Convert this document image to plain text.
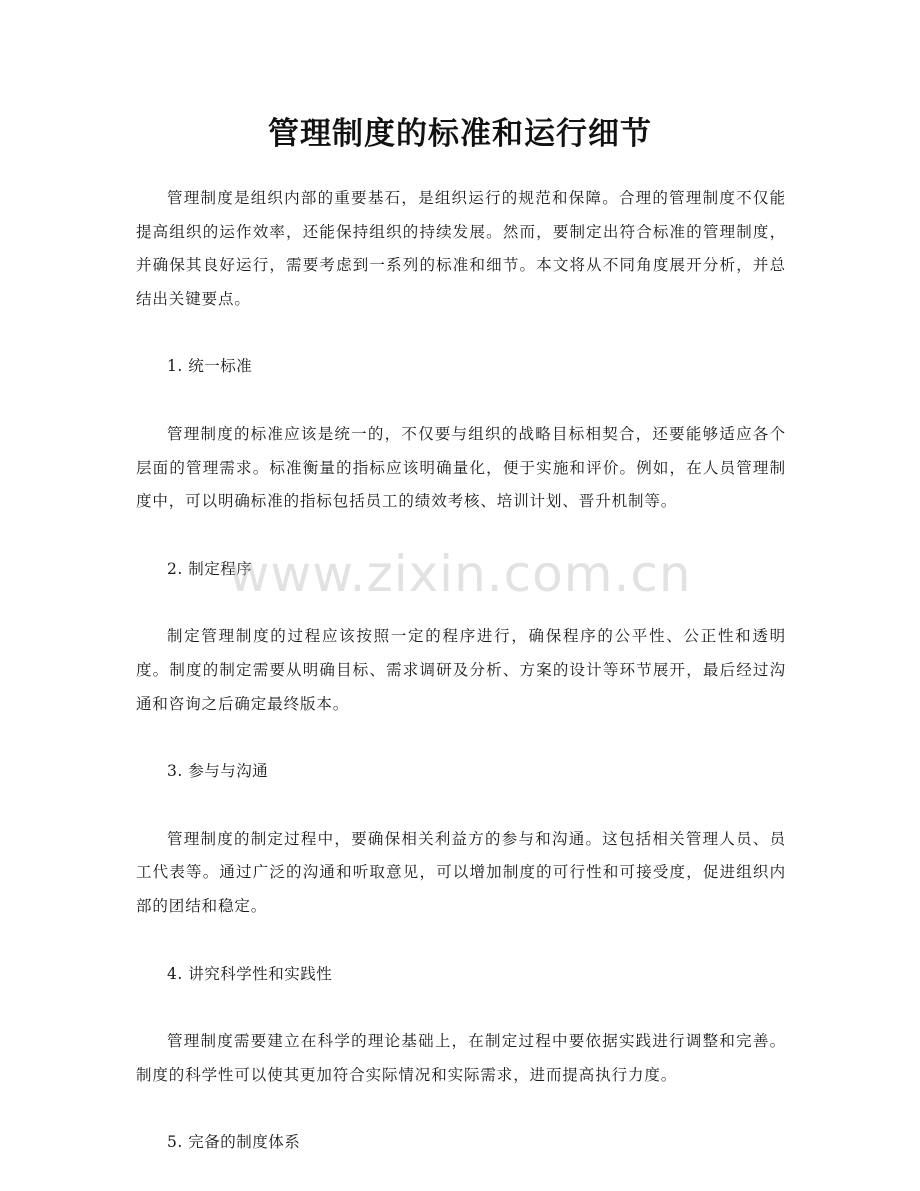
管理制度的标准和运行细节

管理制度是组织内部的重要基石，是组织运行的规范和保障。合理的管理制度不仅能提高组织的运作效率，还能保持组织的持续发展。然而，要制定出符合标准的管理制度，并确保其良好运行，需要考虑到一系列的标准和细节。本文将从不同角度展开分析，并总结出关键要点。

1. 统一标准

管理制度的标准应该是统一的，不仅要与组织的战略目标相契合，还要能够适应各个层面的管理需求。标准衡量的指标应该明确量化，便于实施和评价。例如，在人员管理制度中，可以明确标准的指标包括员工的绩效考核、培训计划、晋升机制等。

2. 制定程序

制定管理制度的过程应该按照一定的程序进行，确保程序的公平性、公正性和透明度。制度的制定需要从明确目标、需求调研及分析、方案的设计等环节展开，最后经过沟通和咨询之后确定最终版本。

3. 参与与沟通

管理制度的制定过程中，要确保相关利益方的参与和沟通。这包括相关管理人员、员工代表等。通过广泛的沟通和听取意见，可以增加制度的可行性和可接受度，促进组织内部的团结和稳定。

4. 讲究科学性和实践性

管理制度需要建立在科学的理论基础上，在制定过程中要依据实践进行调整和完善。制度的科学性可以使其更加符合实际情况和实际需求，进而提高执行力度。

5. 完备的制度体系

www.zixin.com.cn
